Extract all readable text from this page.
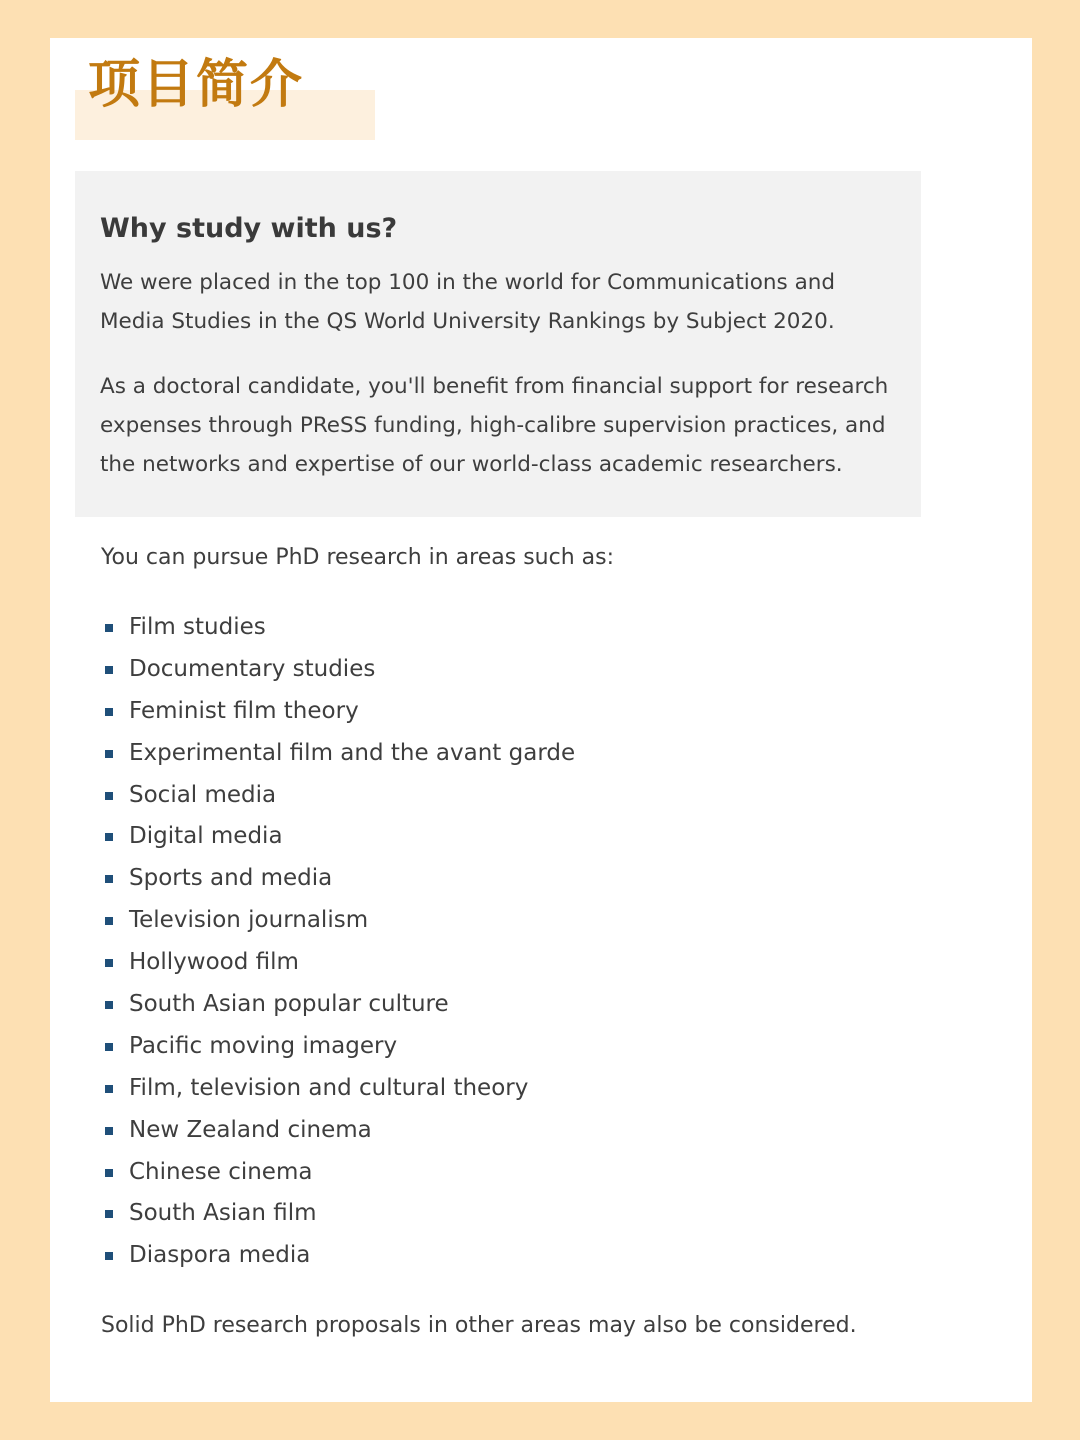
项目简介
Why study with us?

We were placed in the top 100 in the world for Communications and Media Studies in the QS World University Rankings by Subject 2020.

As a doctoral candidate, you'll benefit from financial support for research expenses through PReSS funding, high-calibre supervision practices, and the networks and expertise of our world-class academic researchers.

You can pursue PhD research in areas such as:

Film studies
Documentary studies
Feminist film theory
Experimental film and the avant garde
Social media
Digital media
Sports and media
Television journalism
Hollywood film
South Asian popular culture
Pacific moving imagery
Film, television and cultural theory
New Zealand cinema
Chinese cinema
South Asian film
Diaspora media

Solid PhD research proposals in other areas may also be considered.
